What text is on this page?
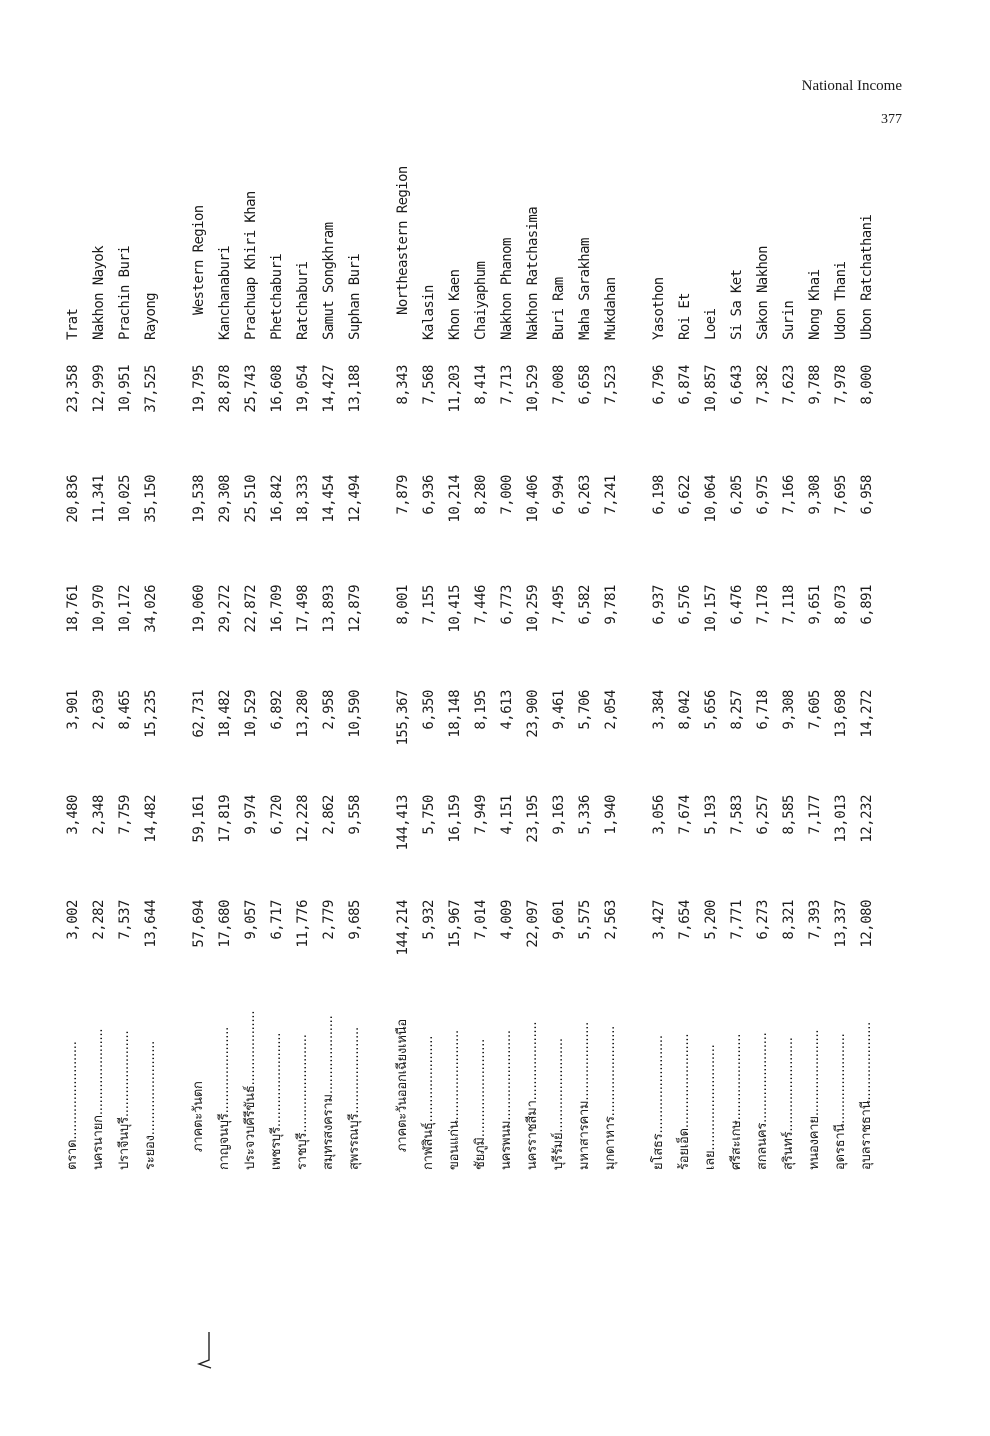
National Income
377
ตราด.........................
3,002
3,480
3,901
18,761
20,836
23,358
Trat
นครนายก......................
2,282
2,348
2,639
10,970
11,341
12,999
Nakhon Nayok
ปราจีนบุรี......................
7,537
7,759
8,465
10,172
10,025
10,951
Prachin Buri
ระยอง........................
13,644
14,482
15,235
34,026
35,150
37,525
Rayong
ภาคตะวันตก
57,694
59,161
62,731
19,060
19,538
19,795
Western Region
กาญจนบุรี......................
17,680
17,819
18,482
29,272
29,308
28,878
Kanchanaburi
ประจวบคีรีขันธ์...................
9,057
9,974
10,529
22,872
25,510
25,743
Prachuap Khiri Khan
เพชรบุรี........................
6,717
6,720
6,892
16,709
16,842
16,608
Phetchaburi
ราชบุรี.........................
11,776
12,228
13,280
17,498
18,333
19,054
Ratchaburi
สมุทรสงคราม....................
2,779
2,862
2,958
13,893
14,454
14,427
Samut Songkhram
สุพรรณบุรี......................
9,685
9,558
10,590
12,879
12,494
13,188
Suphan Buri
ภาคตะวันออกเฉียงเหนือ
144,214
144,413
155,367
8,001
7,879
8,343
Northeastern Region
กาฬสินธุ์......................
5,932
5,750
6,350
7,155
6,936
7,568
Kalasin
ขอนแก่น.......................
15,967
16,159
18,148
10,415
10,214
11,203
Khon Kaen
ชัยภูมิ.........................
7,014
7,949
8,195
7,446
8,280
8,414
Chaiyaphum
นครพนม.......................
4,009
4,151
4,613
6,773
7,000
7,713
Nakhon Phanom
นครราชสีมา....................
22,097
23,195
23,900
10,259
10,406
10,529
Nakhon Ratchasima
บุรีรัมย์........................
9,601
9,163
9,461
7,495
6,994
7,008
Buri Ram
มหาสารคาม....................
5,575
5,336
5,706
6,582
6,263
6,658
Maha Sarakham
มุกดาหาร.......................
2,563
1,940
2,054
9,781
7,241
7,523
Mukdahan
ยโสธร.........................
3,427
3,056
3,384
6,937
6,198
6,796
Yasothon
ร้อยเอ็ด........................
7,654
7,674
8,042
6,576
6,622
6,874
Roi Et
เลย...........................
5,200
5,193
5,656
10,157
10,064
10,857
Loei
ศรีสะเกษ......................
7,771
7,583
8,257
6,476
6,205
6,643
Si Sa Ket
สกลนคร.......................
6,273
6,257
6,718
7,178
6,975
7,382
Sakon Nakhon
สุรินทร์........................
8,321
8,585
9,308
7,118
7,166
7,623
Surin
หนองคาย......................
7,393
7,177
7,605
9,651
9,308
9,788
Nong Khai
อุดรธานี.......................
13,337
13,013
13,698
8,073
7,695
7,978
Udon Thani
อุบลราชธานี....................
12,080
12,232
14,272
6,891
6,958
8,000
Ubon Ratchathani
